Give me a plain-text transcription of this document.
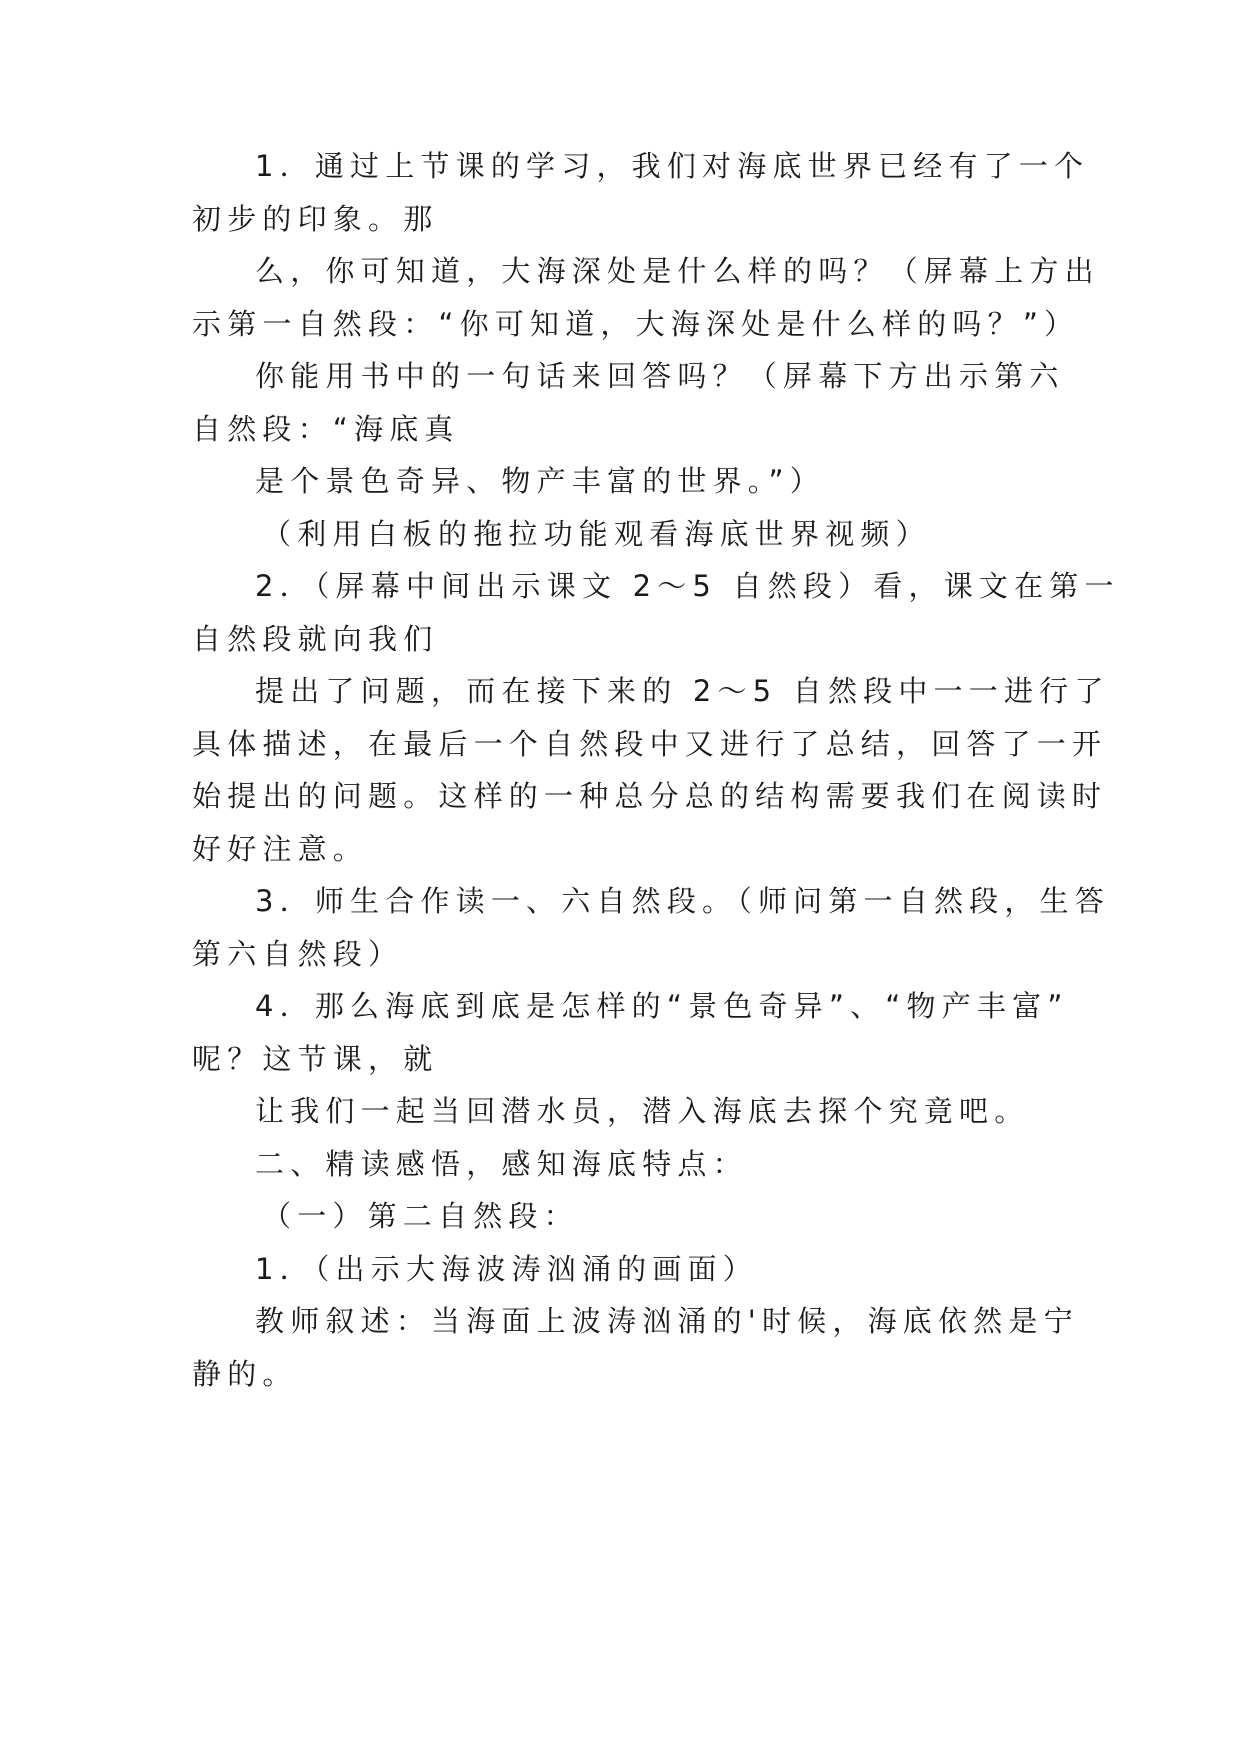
1．通过上节课的学习，我们对海底世界已经有了一个
初步的印象。那
么，你可知道，大海深处是什么样的吗？（屏幕上方出
示第一自然段：“你可知道，大海深处是什么样的吗？”）
你能用书中的一句话来回答吗？（屏幕下方出示第六
自然段：“海底真
是个景色奇异、物产丰富的世界。”）
（利用白板的拖拉功能观看海底世界视频）
2．（屏幕中间出示课文 2～5 自然段）看，课文在第一
自然段就向我们
提出了问题，而在接下来的 2～5 自然段中一一进行了
具体描述，在最后一个自然段中又进行了总结，回答了一开
始提出的问题。这样的一种总分总的结构需要我们在阅读时
好好注意。
3．师生合作读一、六自然段。（师问第一自然段，生答
第六自然段）
4．那么海底到底是怎样的“景色奇异”、“物产丰富”
呢？这节课，就
让我们一起当回潜水员，潜入海底去探个究竟吧。
二、精读感悟，感知海底特点：
（一）第二自然段：
1．（出示大海波涛汹涌的画面）
教师叙述：当海面上波涛汹涌的'时候，海底依然是宁
静的。
